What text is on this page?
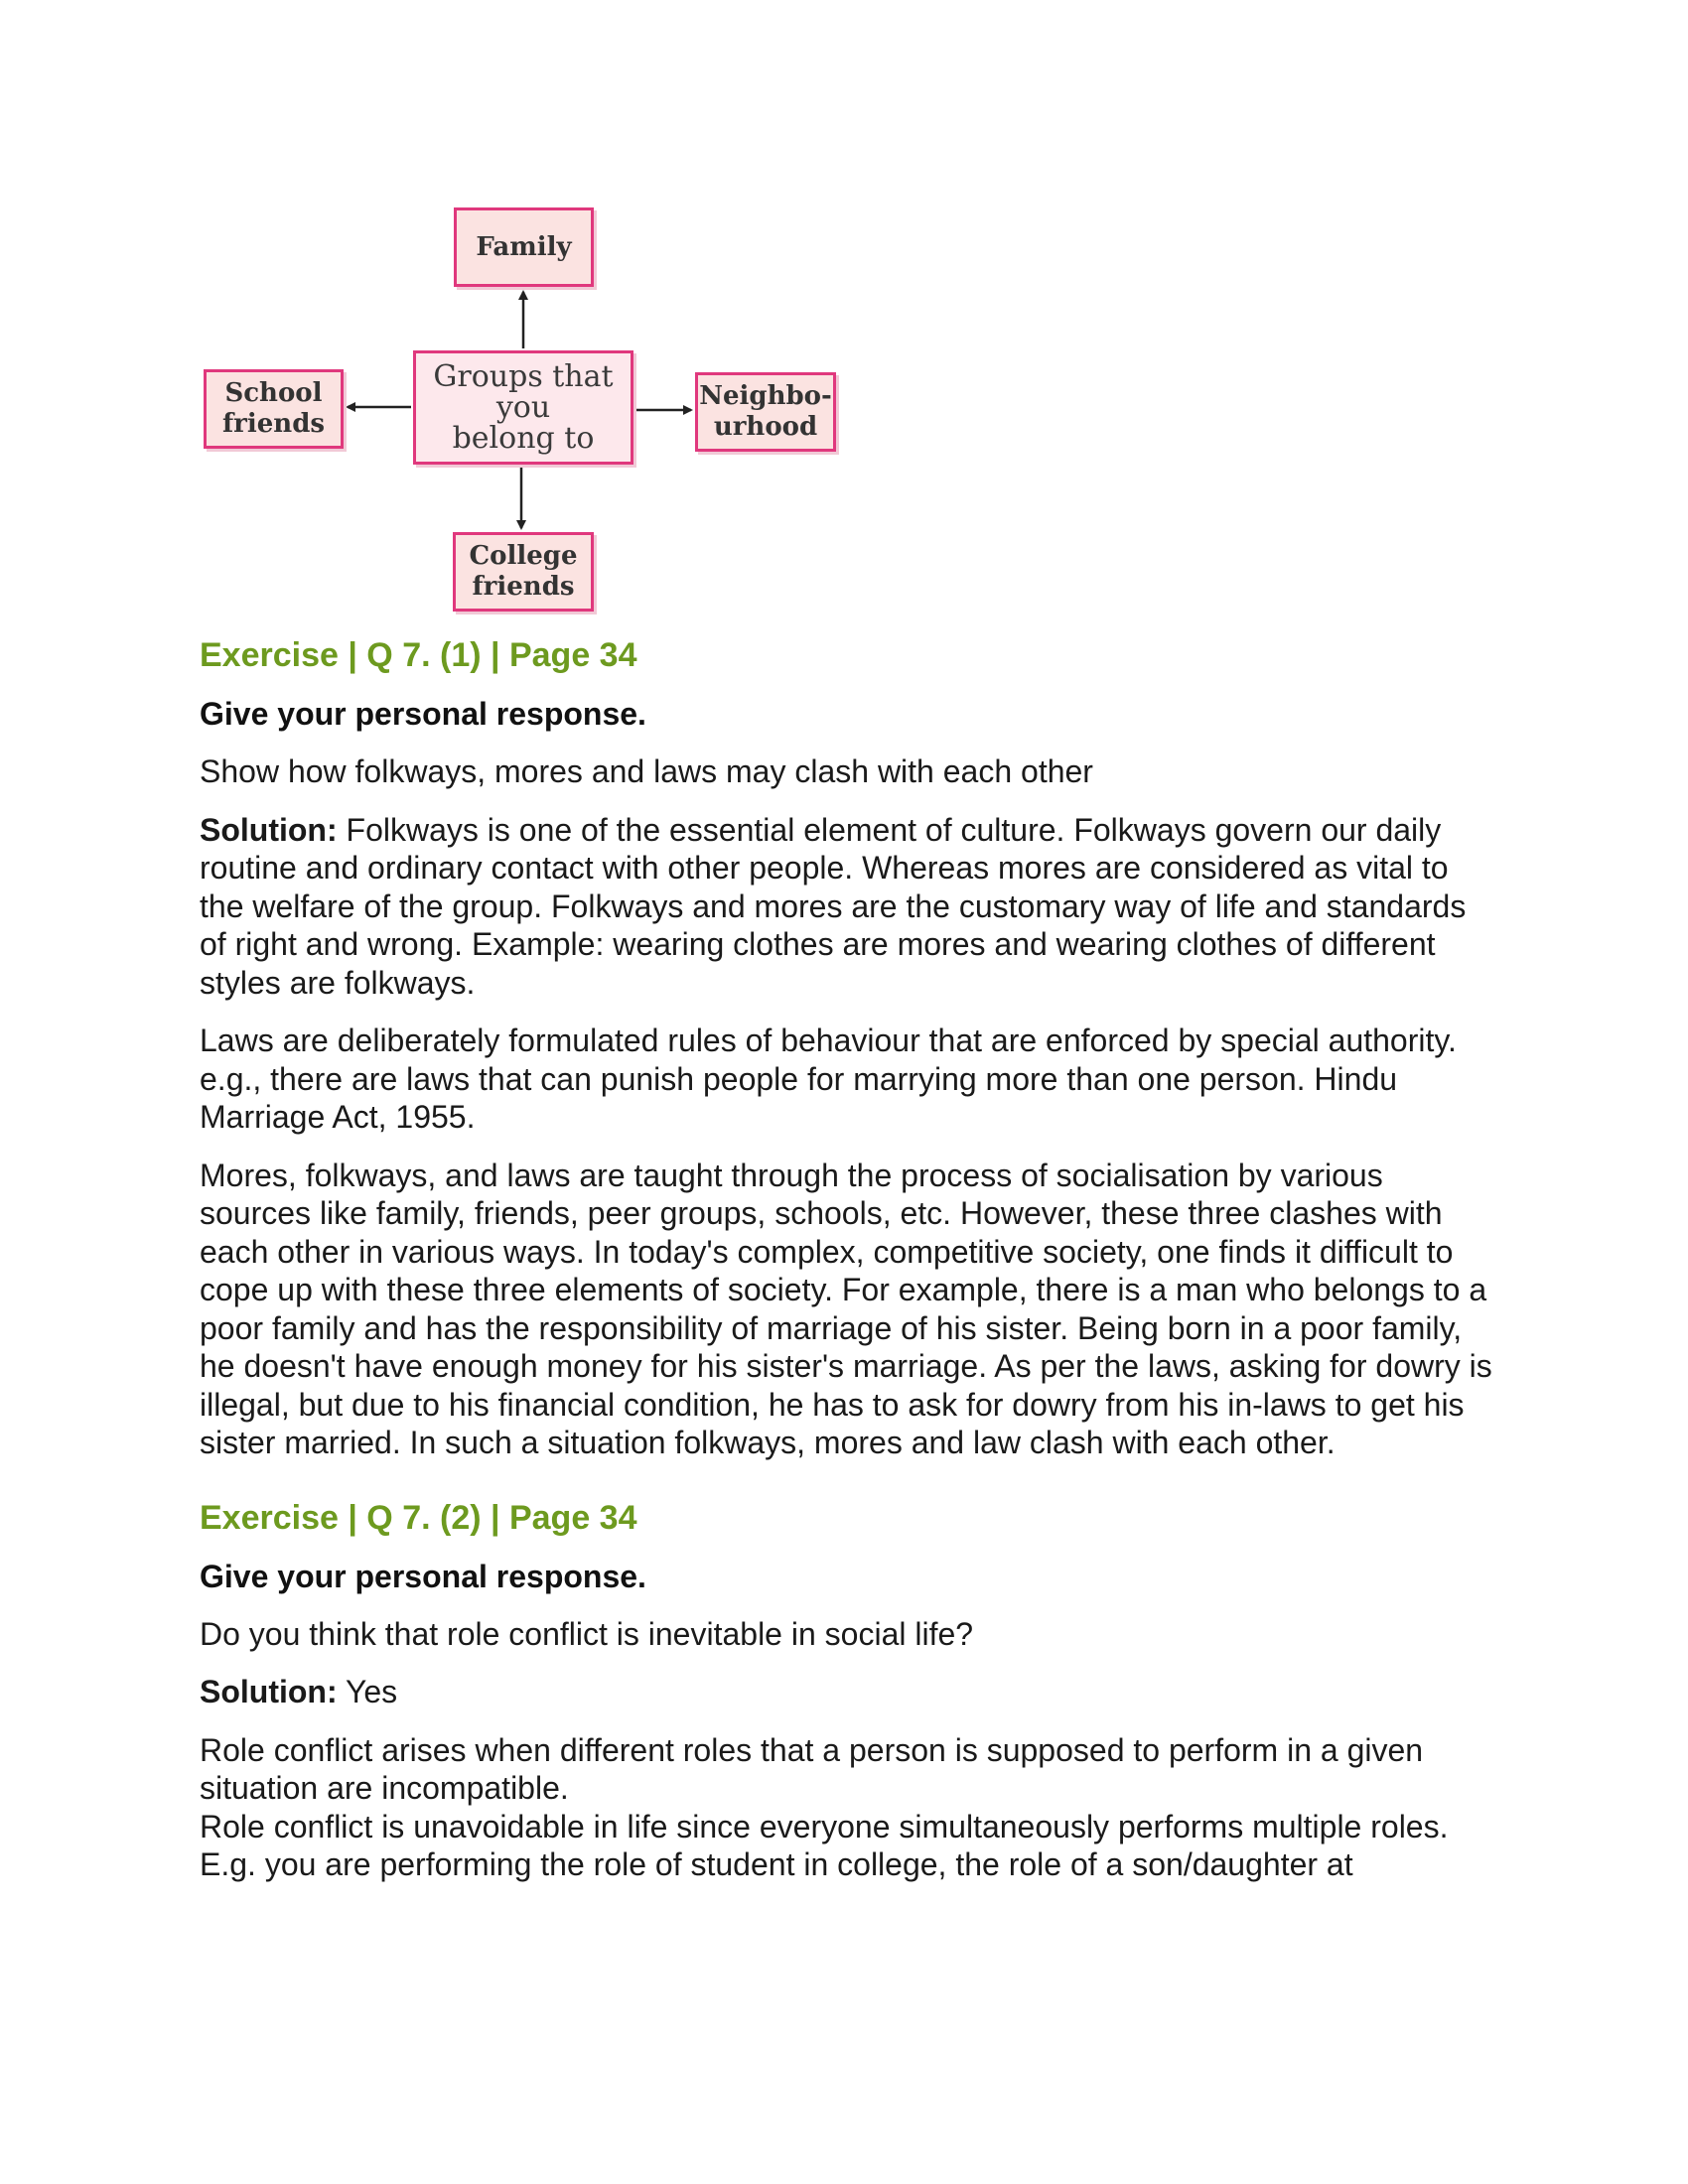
Family
Groups that
you
belong to
School
friends
Neighbo-
urhood
College
friends

Exercise | Q 7. (1) | Page 34

Give your personal response.

Show how folkways, mores and laws may clash with each other

Solution: Folkways is one of the essential element of culture. Folkways govern our daily routine and ordinary contact with other people. Whereas mores are considered as vital to the welfare of the group. Folkways and mores are the customary way of life and standards of right and wrong. Example: wearing clothes are mores and wearing clothes of different styles are folkways.

Laws are deliberately formulated rules of behaviour that are enforced by special authority. e.g., there are laws that can punish people for marrying more than one person. Hindu Marriage Act, 1955.

Mores, folkways, and laws are taught through the process of socialisation by various sources like family, friends, peer groups, schools, etc. However, these three clashes with each other in various ways. In today's complex, competitive society, one finds it difficult to cope up with these three elements of society. For example, there is a man who belongs to a poor family and has the responsibility of marriage of his sister. Being born in a poor family, he doesn't have enough money for his sister's marriage. As per the laws, asking for dowry is illegal, but due to his financial condition, he has to ask for dowry from his in-laws to get his sister married. In such a situation folkways, mores and law clash with each other.

Exercise | Q 7. (2) | Page 34

Give your personal response.

Do you think that role conflict is inevitable in social life?

Solution: Yes

Role conflict arises when different roles that a person is supposed to perform in a given situation are incompatible.
Role conflict is unavoidable in life since everyone simultaneously performs multiple roles.
E.g. you are performing the role of student in college, the role of a son/daughter at
